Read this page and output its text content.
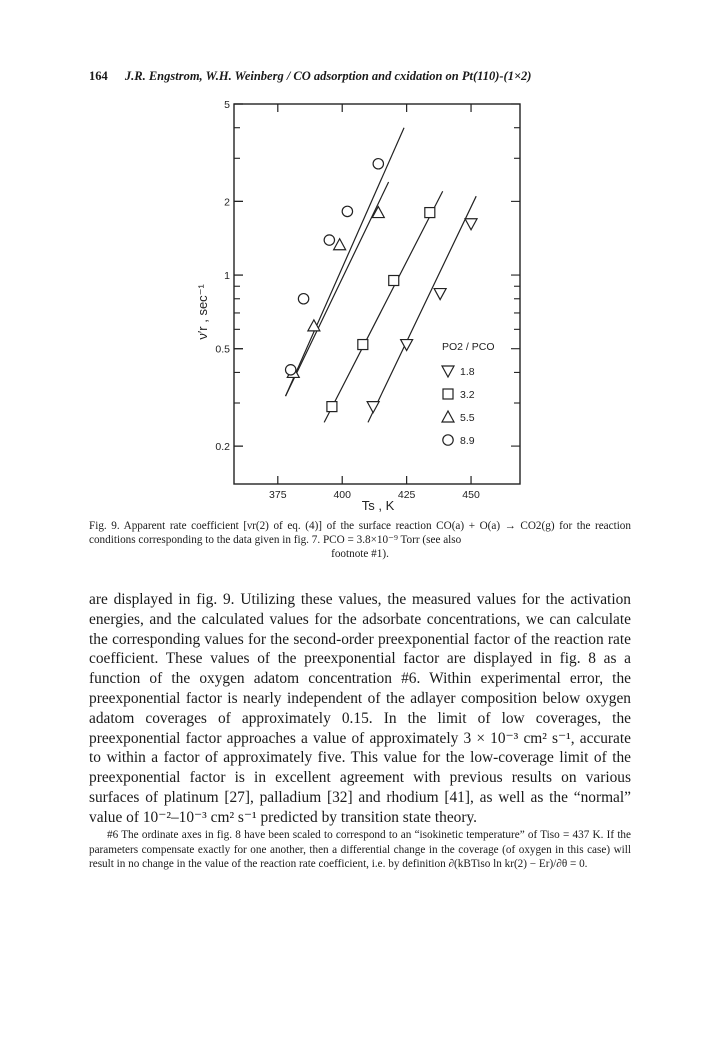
164 J.R. Engstrom, W.H. Weinberg / CO adsorption and cxidation on Pt(110)-(1×2)
375	400	425	450
5
2
1
0.5
0.2
PO2 / PCO
1.8
3.2
5.5
8.9
Ts , K
ν′r , sec⁻¹
Fig. 9. Apparent rate coefficient [νr(2) of eq. (4)] of the surface reaction CO(a) + O(a) → CO2(g) for the reaction conditions corresponding to the data given in fig. 7. PCO = 3.8×10⁻⁹ Torr (see also
footnote #1).

are displayed in fig. 9. Utilizing these values, the measured values for the activation energies, and the calculated values for the adsorbate concentrations, we can calculate the corresponding values for the second-order preexponential factor of the reaction rate coefficient. These values of the preexponential factor are displayed in fig. 8 as a function of the oxygen adatom concentration #6. Within experimental error, the preexponential factor is nearly independent of the adlayer composition below oxygen adatom coverages of approximately 0.15. In the limit of low coverages, the preexponential factor approaches a value of approximately 3 × 10⁻³ cm² s⁻¹, accurate to within a factor of approximately five. This value for the low-coverage limit of the preexponential factor is in excellent agreement with previous results on various surfaces of platinum [27], palladium [32] and rhodium [41], as well as the “normal” value of 10⁻²–10⁻³ cm² s⁻¹ predicted by transition state theory.

#6 The ordinate axes in fig. 8 have been scaled to correspond to an “isokinetic temperature” of Tiso = 437 K. If the parameters compensate exactly for one another, then a differential change in the coverage (of oxygen in this case) will result in no change in the value of the reaction rate coefficient, i.e. by definition ∂(kBTiso ln kr(2) − Er)/∂θ = 0.
